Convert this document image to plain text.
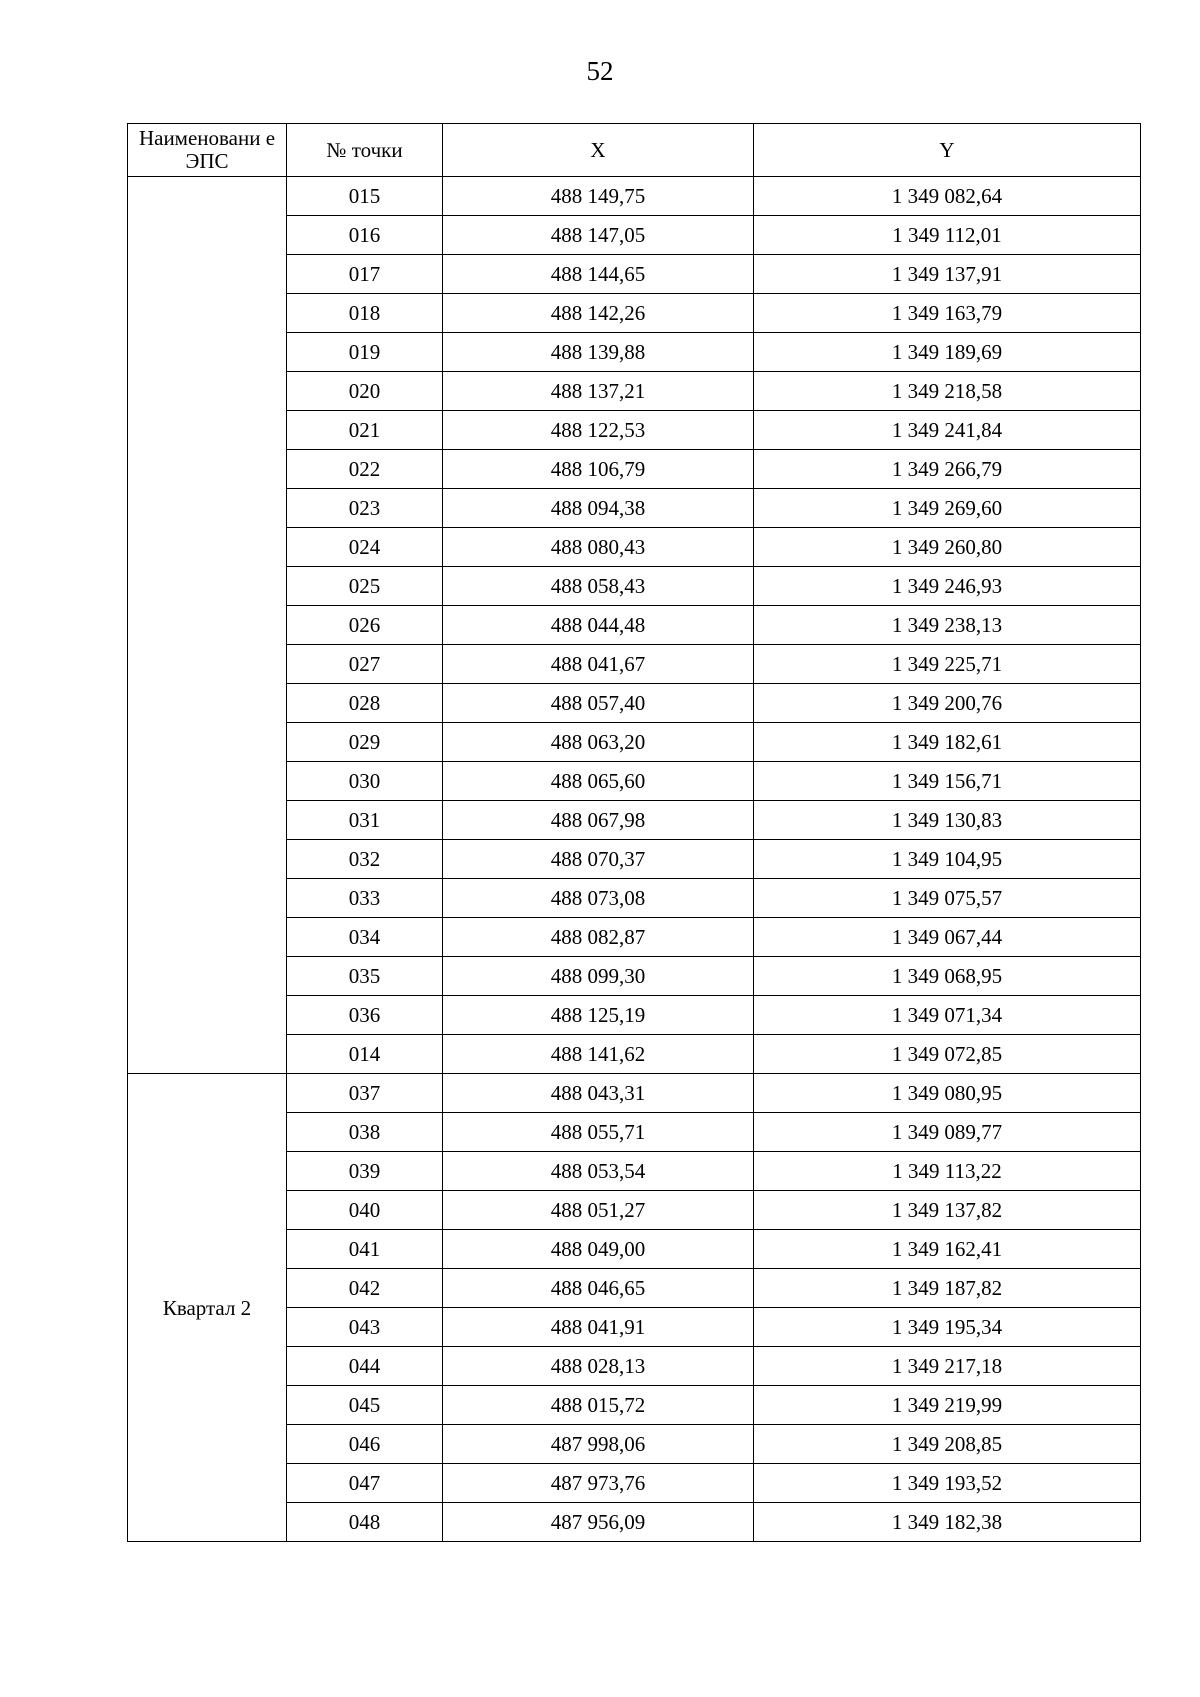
52
Наименовани е ЭПС	№ точки	X	Y
	015	488 149,75	1 349 082,64
	016	488 147,05	1 349 112,01
	017	488 144,65	1 349 137,91
	018	488 142,26	1 349 163,79
	019	488 139,88	1 349 189,69
	020	488 137,21	1 349 218,58
	021	488 122,53	1 349 241,84
	022	488 106,79	1 349 266,79
	023	488 094,38	1 349 269,60
	024	488 080,43	1 349 260,80
	025	488 058,43	1 349 246,93
	026	488 044,48	1 349 238,13
	027	488 041,67	1 349 225,71
	028	488 057,40	1 349 200,76
	029	488 063,20	1 349 182,61
	030	488 065,60	1 349 156,71
	031	488 067,98	1 349 130,83
	032	488 070,37	1 349 104,95
	033	488 073,08	1 349 075,57
	034	488 082,87	1 349 067,44
	035	488 099,30	1 349 068,95
	036	488 125,19	1 349 071,34
	014	488 141,62	1 349 072,85
Квартал 2	037	488 043,31	1 349 080,95
	038	488 055,71	1 349 089,77
	039	488 053,54	1 349 113,22
	040	488 051,27	1 349 137,82
	041	488 049,00	1 349 162,41
	042	488 046,65	1 349 187,82
	043	488 041,91	1 349 195,34
	044	488 028,13	1 349 217,18
	045	488 015,72	1 349 219,99
	046	487 998,06	1 349 208,85
	047	487 973,76	1 349 193,52
	048	487 956,09	1 349 182,38
